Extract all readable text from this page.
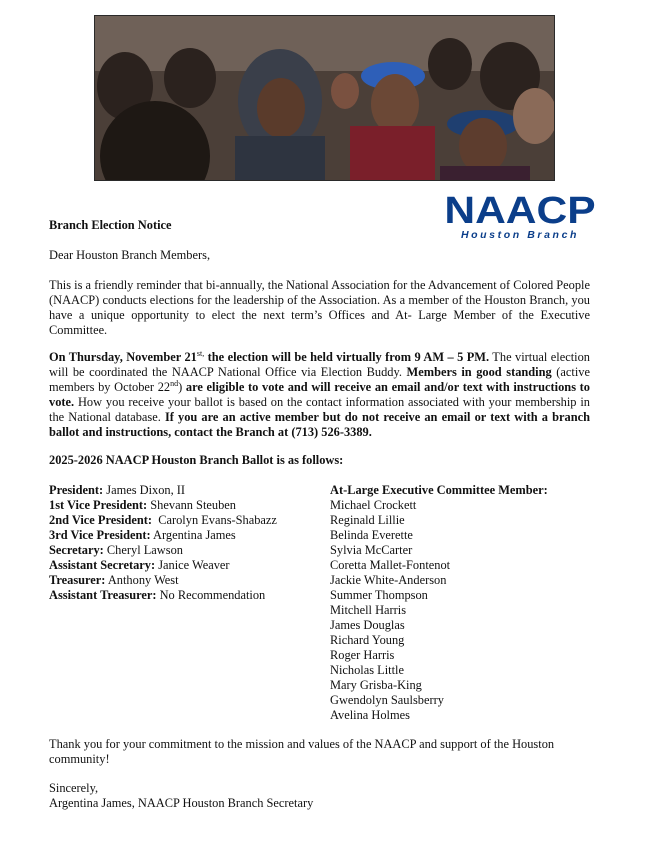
NAACP
Houston Branch
Branch Election Notice
Dear Houston Branch Members,
This is a friendly reminder that bi-annually, the National Association for the Advancement of Colored People (NAACP) conducts elections for the leadership of the Association. As a member of the Houston Branch, you have a unique opportunity to elect the next term’s Offices and At- Large Member of the Executive Committee.
On Thursday, November $21^{st,}$ the election will be held virtually from 9 AM – 5 PM. The virtual election will be coordinated the NAACP National Office via Election Buddy. Members in good standing (active members by October 22nd) are eligible to vote and will receive an email and/or text with instructions to vote. How you receive your ballot is based on the contact information associated with your membership in the National database. If you are an active member but do not receive an email or text with a branch ballot and instructions, contact the Branch at (713) 526-3389.
2025-2026 NAACP Houston Branch Ballot is as follows:
President: James Dixon, II
1st Vice President: Shevann Steuben
2nd Vice President:  Carolyn Evans-Shabazz
3rd Vice President: Argentina James
Secretary: Cheryl Lawson
Assistant Secretary: Janice Weaver
Treasurer: Anthony West
Assistant Treasurer: No Recommendation
At-Large Executive Committee Member:
Michael Crockett
Reginald Lillie
Belinda Everette
Sylvia McCarter
Coretta Mallet-Fontenot
Jackie White-Anderson
Summer Thompson
Mitchell Harris
James Douglas
Richard Young
Roger Harris
Nicholas Little
Mary Grisba-King
Gwendolyn Saulsberry
Avelina Holmes
Thank you for your commitment to the mission and values of the NAACP and support of the Houston community!
Sincerely,
Argentina James, NAACP Houston Branch Secretary
